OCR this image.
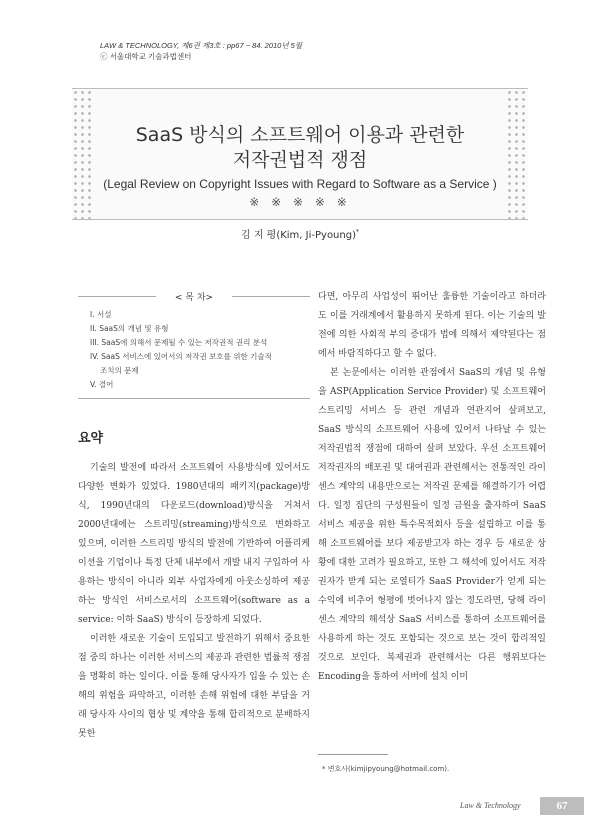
LAW & TECHNOLOGY, 제6권 제3호 : pp67 ~ 84. 2010년 5월
ⓒ 서울대학교 기술과법센터
SaaS 방식의 소프트웨어 이용과 관련한
저작권법적 쟁점
(Legal Review on Copyright Issues with Regard to Software as a Service )
※ ※ ※ ※ ※
김 지 평(Kim, Ji-Pyoung)*
< 목 차>
I. 서설
II. SaaS의 개념 및 유형
III. SaaS에 의해서 문제될 수 있는 저작권적 권리 분석
IV. SaaS 서비스에 있어서의 저작권 보호를 위한 기술적
조치의 문제
V. 결어
요약

기술의 발전에 따라서 소프트웨어 사용방식에 있어서도 다양한 변화가 있었다. 1980년대의 패키지(package)방식, 1990년대의 다운로드(download)방식을 거쳐서 2000년대에는 스트리밍(streaming)방식으로 변화하고 있으며, 이러한 스트리밍 방식의 발전에 기반하여 어플리케이션을 기업이나 특정 단체 내부에서 개발 내지 구입하여 사용하는 방식이 아니라 외부 사업자에게 아웃소싱하여 제공하는 방식인 서비스로서의 소프트웨어(software as a service: 이하 SaaS) 방식이 등장하게 되었다.

이러한 새로운 기술이 도입되고 발전하기 위해서 중요한 점 중의 하나는 이러한 서비스의 제공과 관련한 법률적 쟁점을 명확히 하는 일이다. 이를 통해 당사자가 입을 수 있는 손해의 위험을 파악하고, 이러한 손해 위험에 대한 부담을 거래 당사자 사이의 협상 및 계약을 통해 합리적으로 분배하지 못한

다면, 아무리 사업성이 뛰어난 훌륭한 기술이라고 하더라도 이를 거래계에서 활용하지 못하게 된다. 이는 기술의 발전에 의한 사회적 부의 증대가 법에 의해서 제약된다는 점에서 바람직하다고 할 수 없다.

본 논문에서는 이러한 관점에서 SaaS의 개념 및 유형을 ASP(Application Service Provider) 및 소프트웨어 스트리밍 서비스 등 관련 개념과 연관지어 살펴보고, SaaS 방식의 소프트웨어 사용에 있어서 나타날 수 있는 저작권법적 쟁점에 대하여 살펴 보았다. 우선 소프트웨어 저작권자의 배포권 및 대여권과 관련해서는 전통적인 라이센스 계약의 내용만으로는 저작권 문제를 해결하기가 어렵다. 일정 집단의 구성원들이 일정 금원을 출자하여 SaaS 서비스 제공을 위한 특수목적회사 등을 설립하고 이를 통해 소프트웨어를 보다 제공받고자 하는 경우 등 새로운 상황에 대한 고려가 필요하고, 또한 그 해석에 있어서도 저작권자가 받게 되는 로열티가 SaaS Provider가 얻게 되는 수익에 비추어 형평에 벗어나지 않는 정도라면, 당해 라이센스 계약의 해석상 SaaS 서비스를 통하여 소프트웨어를 사용하게 하는 것도 포함되는 것으로 보는 것이 합리적일 것으로 보인다. 복제권과 관련해서는 다른 행위보다는 Encoding을 통하여 서버에 설치 이미

* 변호사(kimjipyoung@hotmail.com).
Law & Technology	67
